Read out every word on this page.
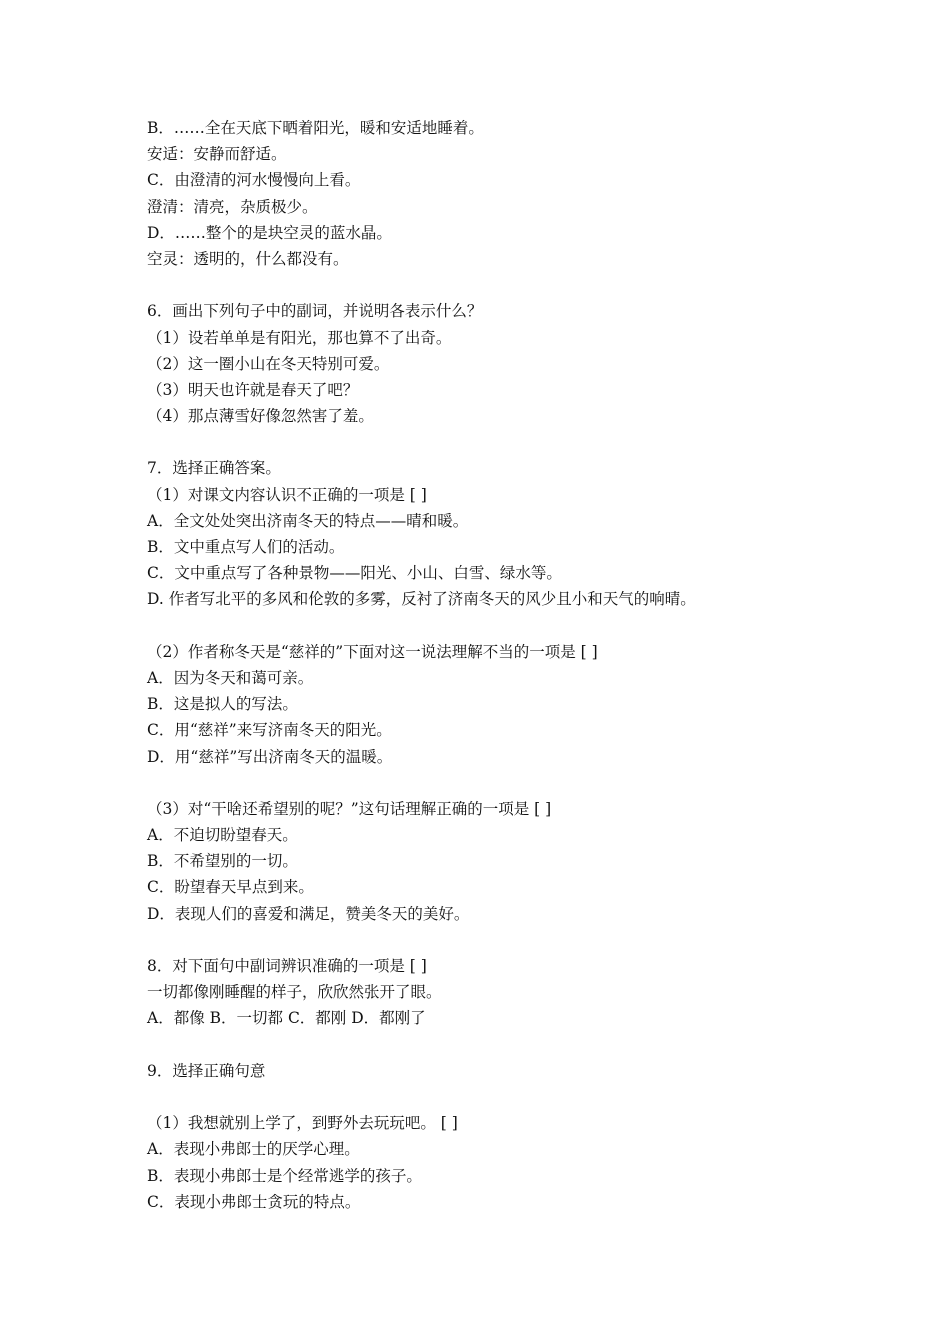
B．……全在天底下晒着阳光，暖和安适地睡着。
安适：安静而舒适。
C．由澄清的河水慢慢向上看。
澄清：清亮，杂质极少。
D．……整个的是块空灵的蓝水晶。
空灵：透明的，什么都没有。
6．画出下列句子中的副词，并说明各表示什么？
（1）设若单单是有阳光，那也算不了出奇。
（2）这一圈小山在冬天特别可爱。
（3）明天也许就是春天了吧？
（4）那点薄雪好像忽然害了羞。
7．选择正确答案。
（1）对课文内容认识不正确的一项是 [ ]
A．全文处处突出济南冬天的特点——晴和暖。
B．文中重点写人们的活动。
C．文中重点写了各种景物——阳光、小山、白雪、绿水等。
D. 作者写北平的多风和伦敦的多雾，反衬了济南冬天的风少且小和天气的响晴。
（2）作者称冬天是“慈祥的”下面对这一说法理解不当的一项是 [ ]
A．因为冬天和蔼可亲。
B．这是拟人的写法。
C．用“慈祥”来写济南冬天的阳光。
D．用“慈祥”写出济南冬天的温暖。
（3）对“干啥还希望别的呢？”这句话理解正确的一项是 [ ]
A．不迫切盼望春天。
B．不希望别的一切。
C．盼望春天早点到来。
D．表现人们的喜爱和满足，赞美冬天的美好。
8．对下面句中副词辨识准确的一项是 [ ]
一切都像刚睡醒的样子，欣欣然张开了眼。
A．都像 B．一切都 C．都刚 D．都刚了
9．选择正确句意
（1）我想就别上学了，到野外去玩玩吧。 [ ]
A．表现小弗郎士的厌学心理。
B．表现小弗郎士是个经常逃学的孩子。
C．表现小弗郎士贪玩的特点。
